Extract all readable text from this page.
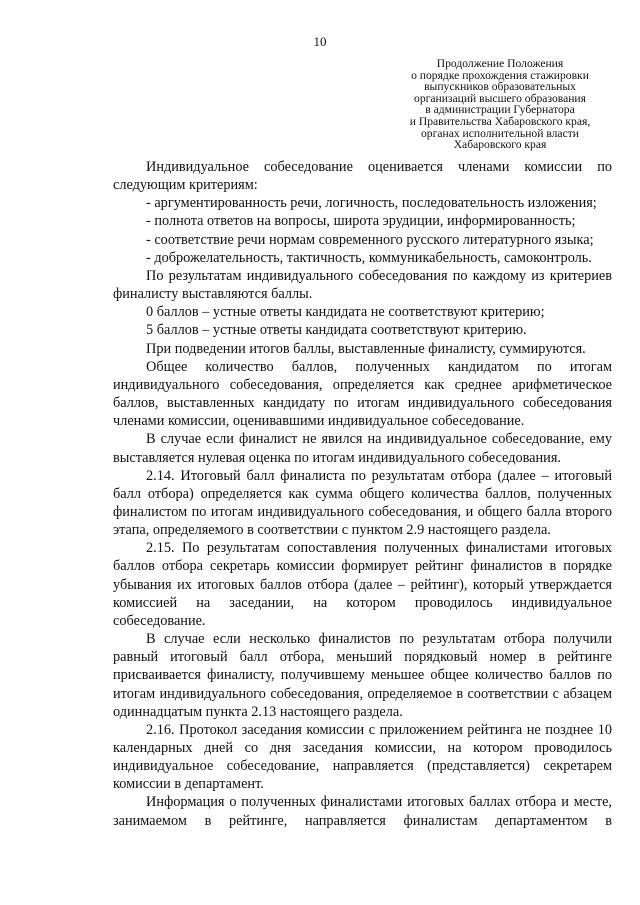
10
Продолжение Положения
о порядке прохождения стажировки
выпускников образовательных
организаций высшего образования
в администрации Губернатора
и Правительства Хабаровского края,
органах исполнительной власти
Хабаровского края

Индивидуальное собеседование оценивается членами комиссии по следующим критериям:

- аргументированность речи, логичность, последовательность изложения;

- полнота ответов на вопросы, широта эрудиции, информированность;

- соответствие речи нормам современного русского литературного языка;

- доброжелательность, тактичность, коммуникабельность, самоконтроль.

По результатам индивидуального собеседования по каждому из критериев финалисту выставляются баллы.

0 баллов – устные ответы кандидата не соответствуют критерию;

5 баллов – устные ответы кандидата соответствуют критерию.

При подведении итогов баллы, выставленные финалисту, суммируются.

Общее количество баллов, полученных кандидатом по итогам индивидуального собеседования, определяется как среднее арифметическое баллов, выставленных кандидату по итогам индивидуального собеседования членами комиссии, оценивавшими индивидуальное собеседование.

В случае если финалист не явился на индивидуальное собеседование, ему выставляется нулевая оценка по итогам индивидуального собеседования.

2.14. Итоговый балл финалиста по результатам отбора (далее – итоговый балл отбора) определяется как сумма общего количества баллов, полученных финалистом по итогам индивидуального собеседования, и общего балла второго этапа, определяемого в соответствии с пунктом 2.9 настоящего раздела.

2.15. По результатам сопоставления полученных финалистами итоговых баллов отбора секретарь комиссии формирует рейтинг финалистов в порядке убывания их итоговых баллов отбора (далее – рейтинг), который утверждается комиссией на заседании, на котором проводилось индивидуальное собеседование.

В случае если несколько финалистов по результатам отбора получили равный итоговый балл отбора, меньший порядковый номер в рейтинге присваивается финалисту, получившему меньшее общее количество баллов по итогам индивидуального собеседования, определяемое в соответствии с абзацем одиннадцатым пункта 2.13 настоящего раздела.

2.16. Протокол заседания комиссии с приложением рейтинга не позднее 10 календарных дней со дня заседания комиссии, на котором проводилось индивидуальное собеседование, направляется (представляется) секретарем комиссии в департамент.

Информация о полученных финалистами итоговых баллах отбора и месте, занимаемом в рейтинге, направляется финалистам департаментом в
